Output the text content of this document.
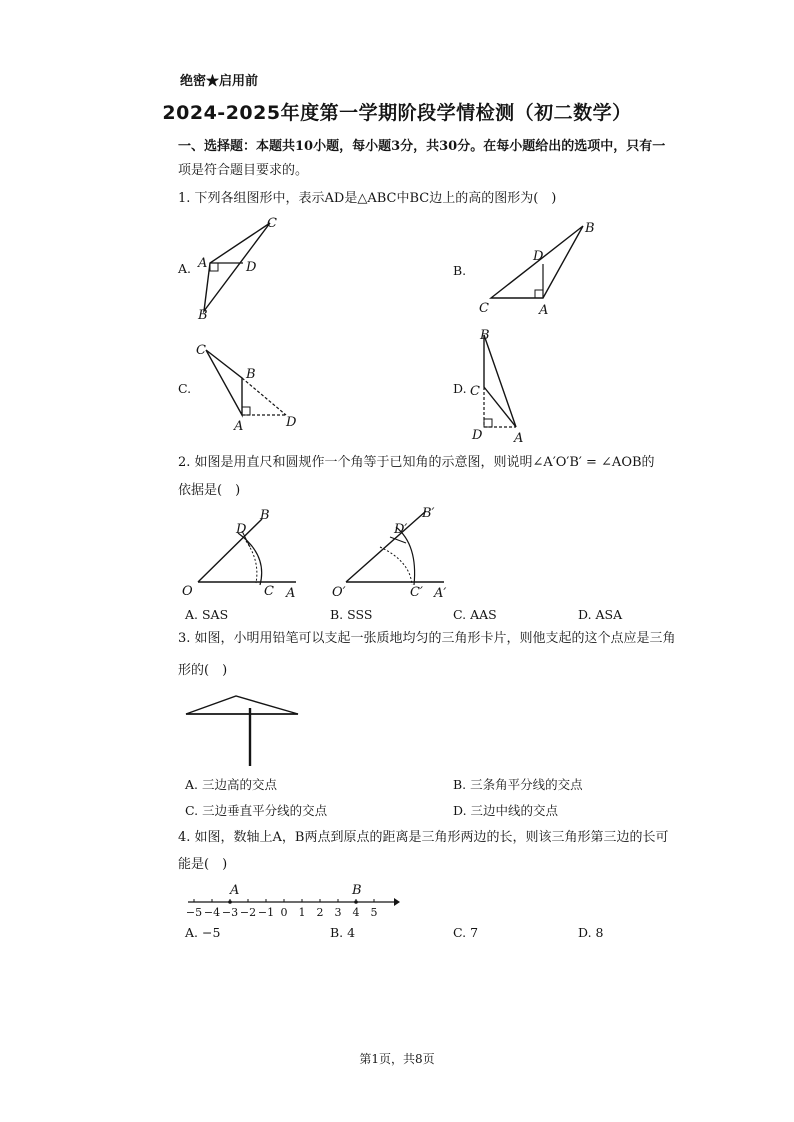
绝密★启用前
2024-2025年度第一学期阶段学情检测（初二数学）
一、选择题：本题共10小题，每小题3分，共30分。在每小题给出的选项中，只有一
项是符合题目要求的。
1. 下列各组图形中，表示AD是△ABC中BC边上的高的图形为(　)
A. A	D
C
B
B.
C	A
D
B
C.
C
B
A	D
D.
B
C
D A
2. 如图是用直尺和圆规作一个角等于已知角的示意图，则说明∠A′O′B′ = ∠AOB的
依据是(　)
O	C A
B
D
O′	C′ A′
B′
D′
A. SAS	B. SSS	C. AAS	D. ASA
3. 如图，小明用铅笔可以支起一张质地均匀的三角形卡片，则他支起的这个点应是三角
形的(　)
A. 三边高的交点	B. 三条角平分线的交点
C. 三边垂直平分线的交点	D. 三边中线的交点
4. 如图，数轴上A，B两点到原点的距离是三角形两边的长，则该三角形第三边的长可
能是(　)
−5 −4 −3 −2 −1 0 1 2 3 4 5
A	B
A. −5	B. 4	C. 7	D. 8
第1页，共8页
